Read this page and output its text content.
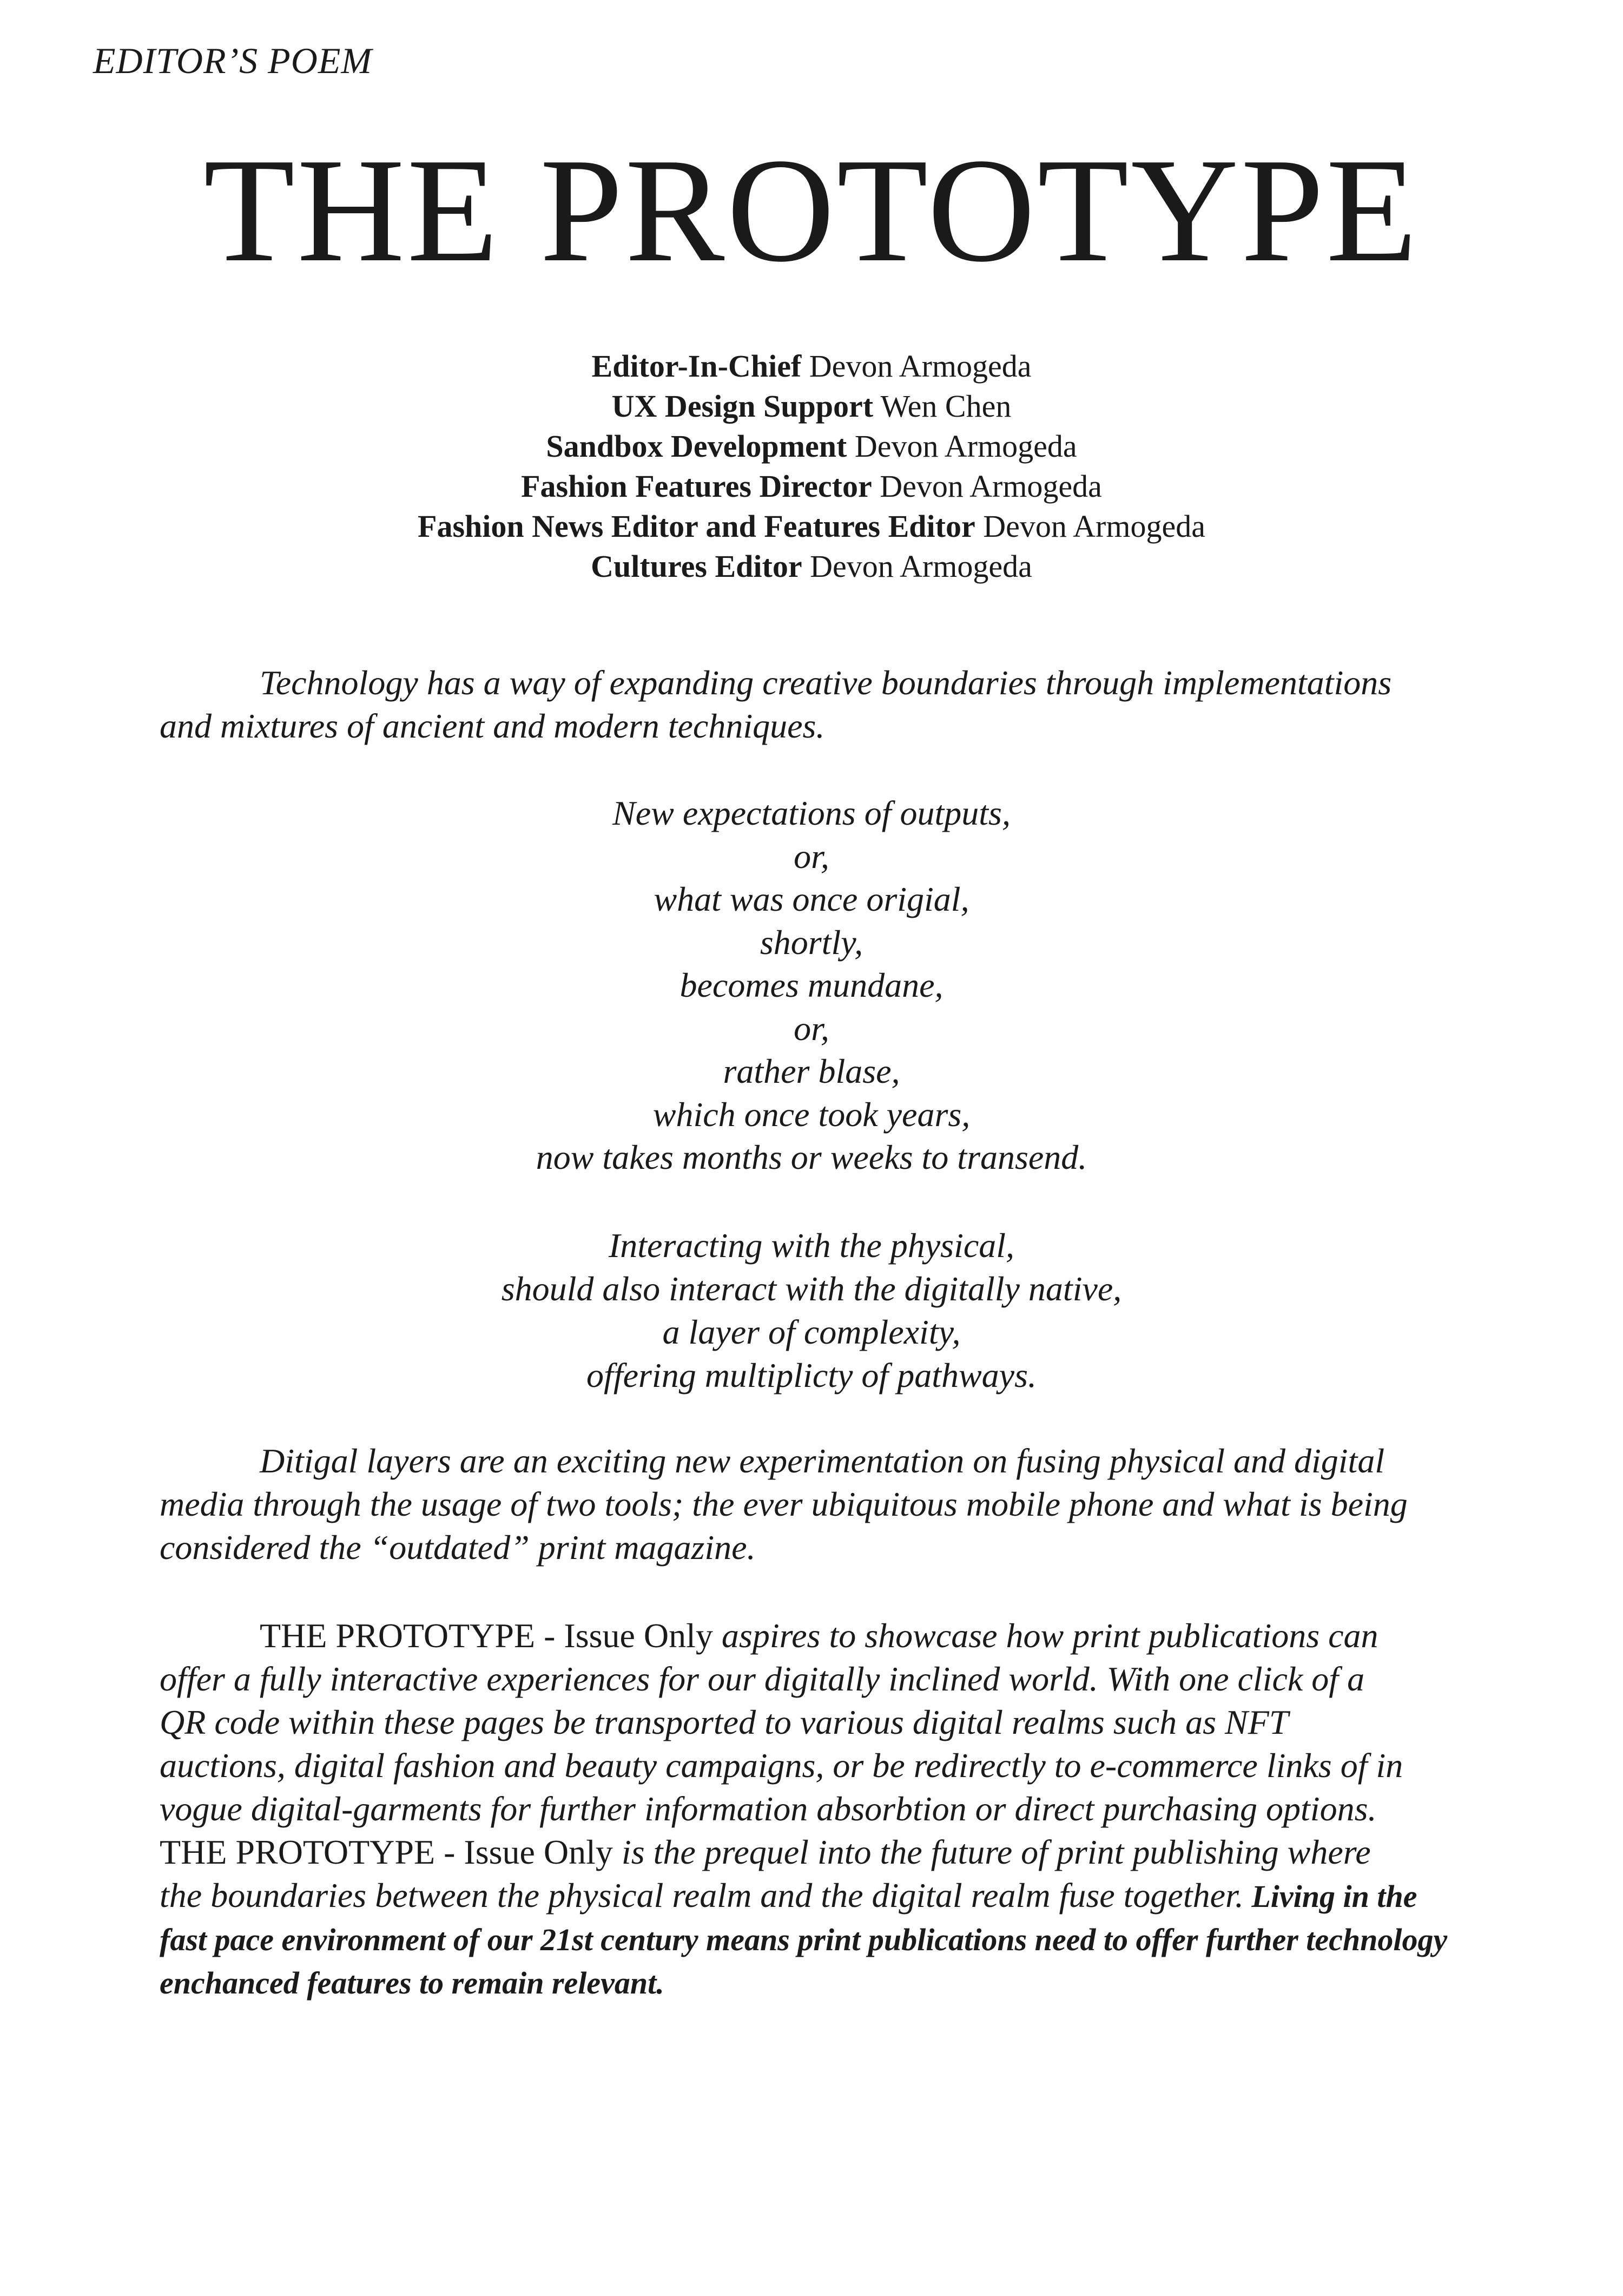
EDITOR’S POEM
THE PROTOTYPE
Editor-In-Chief Devon Armogeda
UX Design Support Wen Chen
Sandbox Development Devon Armogeda
Fashion Features Director Devon Armogeda
Fashion News Editor and Features Editor Devon Armogeda
Cultures Editor Devon Armogeda
Technology has a way of expanding creative boundaries through implementations
and mixtures of ancient and modern techniques.
New expectations of outputs,
or,
what was once origial,
shortly,
becomes mundane,
or,
rather blase,
which once took years,
now takes months or weeks to transend.
Interacting with the physical,
should also interact with the digitally native,
a layer of complexity,
offering multiplicty of pathways.
Ditigal layers are an exciting new experimentation on fusing physical and digital
media through the usage of two tools; the ever ubiquitous mobile phone and what is being
considered the “outdated” print magazine.
THE PROTOTYPE - Issue Only aspires to showcase how print publications can
offer a fully interactive experiences for our digitally inclined world. With one click of a
QR code within these pages be transported to various digital realms such as NFT
auctions, digital fashion and beauty campaigns, or be redirectly to e-commerce links of in
vogue digital-garments for further information absorbtion or direct purchasing options.
THE PROTOTYPE - Issue Only is the prequel into the future of print publishing where
the boundaries between the physical realm and the digital realm fuse together. Living in the
fast pace environment of our 21st century means print publications need to offer further technology
enchanced features to remain relevant.
